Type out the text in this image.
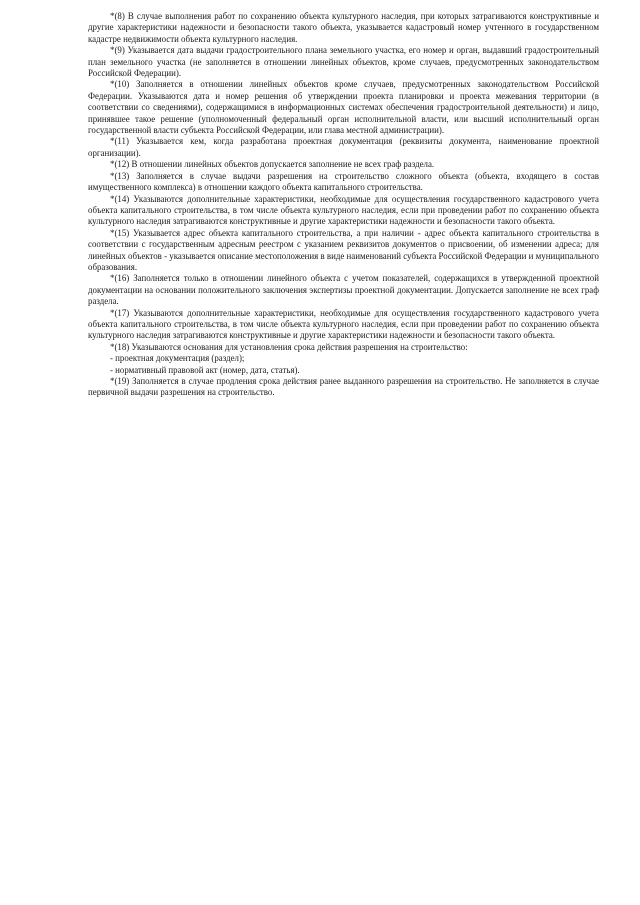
*(8) В случае выполнения работ по сохранению объекта культурного наследия, при которых затрагиваются конструктивные и другие характеристики надежности и безопасности такого объекта, указывается кадастровый номер учтенного в государственном кадастре недвижимости объекта культурного наследия.

*(9) Указывается дата выдачи градостроительного плана земельного участка, его номер и орган, выдавший градостроительный план земельного участка (не заполняется в отношении линейных объектов, кроме случаев, предусмотренных законодательством Российской Федерации).

*(10) Заполняется в отношении линейных объектов кроме случаев, предусмотренных законодательством Российской Федерации. Указываются дата и номер решения об утверждении проекта планировки и проекта межевания территории (в соответствии со сведениями), содержащимися в информационных системах обеспечения градостроительной деятельности) и лицо, принявшее такое решение (уполномоченный федеральный орган исполнительной власти, или высший исполнительный орган государственной власти субъекта Российской Федерации, или глава местной администрации).

*(11) Указывается кем, когда разработана проектная документация (реквизиты документа, наименование проектной организации).

*(12) В отношении линейных объектов допускается заполнение не всех граф раздела.

*(13) Заполняется в случае выдачи разрешения на строительство сложного объекта (объекта, входящего в состав имущественного комплекса) в отношении каждого объекта капитального строительства.

*(14) Указываются дополнительные характеристики, необходимые для осуществления государственного кадастрового учета объекта капитального строительства, в том числе объекта культурного наследия, если при проведении работ по сохранению объекта культурного наследия затрагиваются конструктивные и другие характеристики надежности и безопасности такого объекта.

*(15) Указывается адрес объекта капитального строительства, а при наличии - адрес объекта капитального строительства в соответствии с государственным адресным реестром с указанием реквизитов документов о присвоении, об изменении адреса; для линейных объектов - указывается описание местоположения в виде наименований субъекта Российской Федерации и муниципального образования.

*(16) Заполняется только в отношении линейного объекта с учетом показателей, содержащихся в утвержденной проектной документации на основании положительного заключения экспертизы проектной документации. Допускается заполнение не всех граф раздела.

*(17) Указываются дополнительные характеристики, необходимые для осуществления государственного кадастрового учета объекта капитального строительства, в том числе объекта культурного наследия, если при проведении работ по сохранению объекта культурного наследия затрагиваются конструктивные и другие характеристики надежности и безопасности такого объекта.

*(18) Указываются основания для установления срока действия разрешения на строительство:

- проектная документация (раздел);

- нормативный правовой акт (номер, дата, статья).

*(19) Заполняется в случае продления срока действия ранее выданного разрешения на строительство. Не заполняется в случае первичной выдачи разрешения на строительство.
